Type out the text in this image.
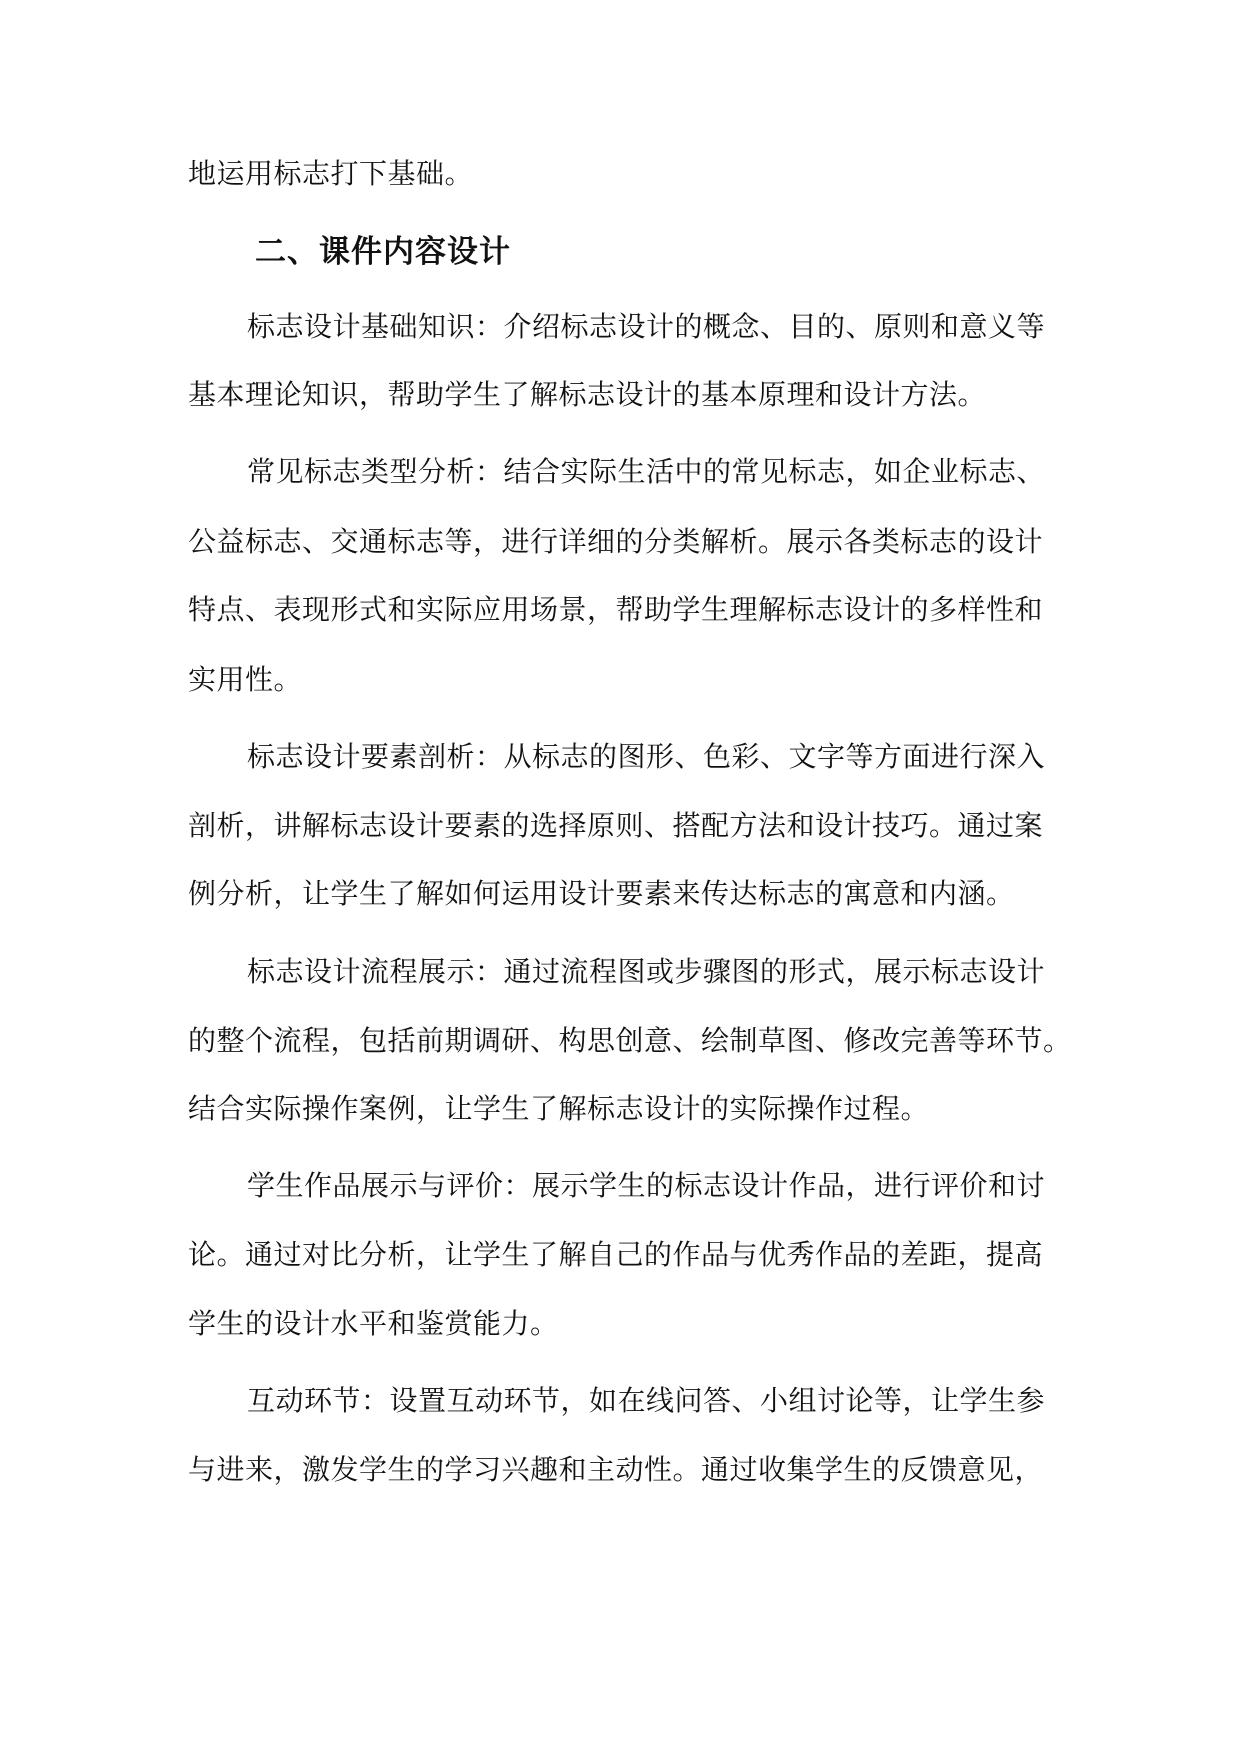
地运用标志打下基础。
二、课件内容设计
标志设计基础知识：介绍标志设计的概念、目的、原则和意义等
基本理论知识，帮助学生了解标志设计的基本原理和设计方法。
常见标志类型分析：结合实际生活中的常见标志，如企业标志、
公益标志、交通标志等，进行详细的分类解析。展示各类标志的设计
特点、表现形式和实际应用场景，帮助学生理解标志设计的多样性和
实用性。
标志设计要素剖析：从标志的图形、色彩、文字等方面进行深入
剖析，讲解标志设计要素的选择原则、搭配方法和设计技巧。通过案
例分析，让学生了解如何运用设计要素来传达标志的寓意和内涵。
标志设计流程展示：通过流程图或步骤图的形式，展示标志设计
的整个流程，包括前期调研、构思创意、绘制草图、修改完善等环节。
结合实际操作案例，让学生了解标志设计的实际操作过程。
学生作品展示与评价：展示学生的标志设计作品，进行评价和讨
论。通过对比分析，让学生了解自己的作品与优秀作品的差距，提高
学生的设计水平和鉴赏能力。
互动环节：设置互动环节，如在线问答、小组讨论等，让学生参
与进来，激发学生的学习兴趣和主动性。通过收集学生的反馈意见，
